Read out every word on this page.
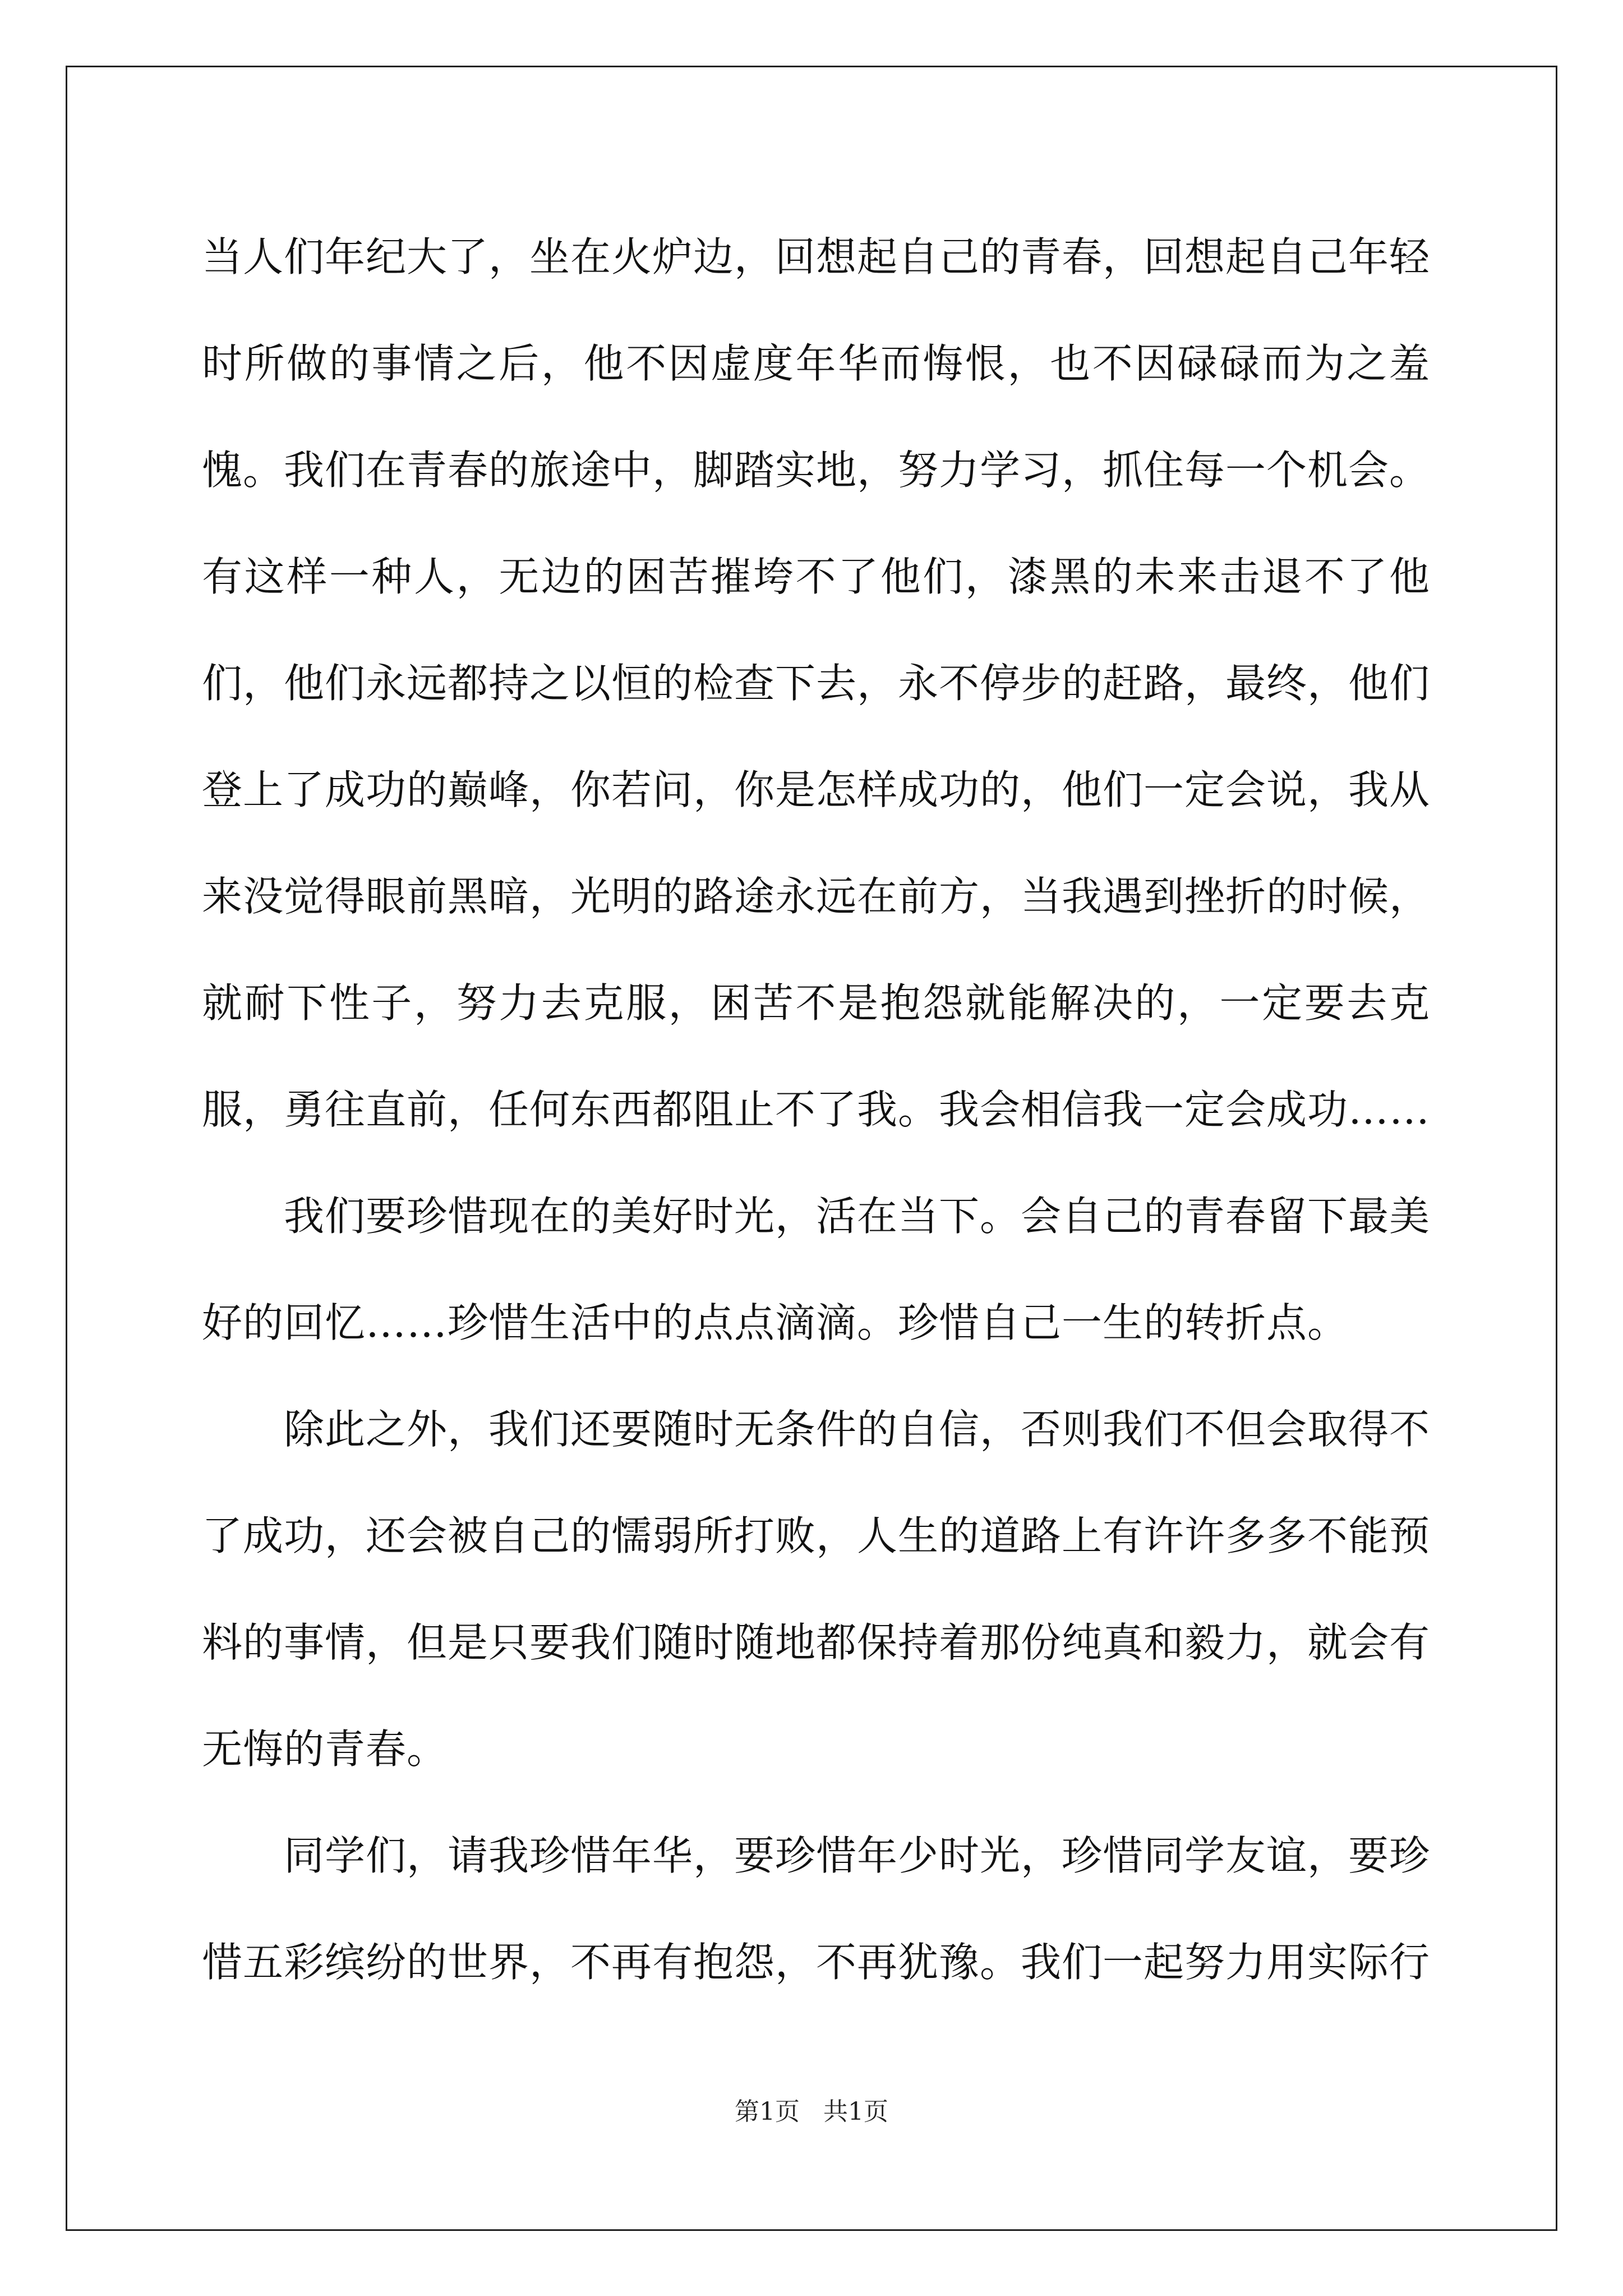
当人们年纪大了，坐在火炉边，回想起自己的青春，回想起自己年轻时所做的事情之后，他不因虚度年华而悔恨，也不因碌碌而为之羞愧。我们在青春的旅途中，脚踏实地，努力学习，抓住每一个机会。有这样一种人，无边的困苦摧垮不了他们，漆黑的未来击退不了他们，他们永远都持之以恒的检查下去，永不停步的赶路，最终，他们登上了成功的巅峰，你若问，你是怎样成功的，他们一定会说，我从来没觉得眼前黑暗，光明的路途永远在前方，当我遇到挫折的时候，就耐下性子，努力去克服，困苦不是抱怨就能解决的，一定要去克服，勇往直前，任何东西都阻止不了我。我会相信我一定会成功……

我们要珍惜现在的美好时光，活在当下。会自己的青春留下最美好的回忆……珍惜生活中的点点滴滴。珍惜自己一生的转折点。

除此之外，我们还要随时无条件的自信，否则我们不但会取得不了成功，还会被自己的懦弱所打败，人生的道路上有许许多多不能预料的事情，但是只要我们随时随地都保持着那份纯真和毅力，就会有无悔的青春。

同学们，请我珍惜年华，要珍惜年少时光，珍惜同学友谊，要珍惜五彩缤纷的世界，不再有抱怨，不再犹豫。我们一起努力用实际行

第1页 共1页
